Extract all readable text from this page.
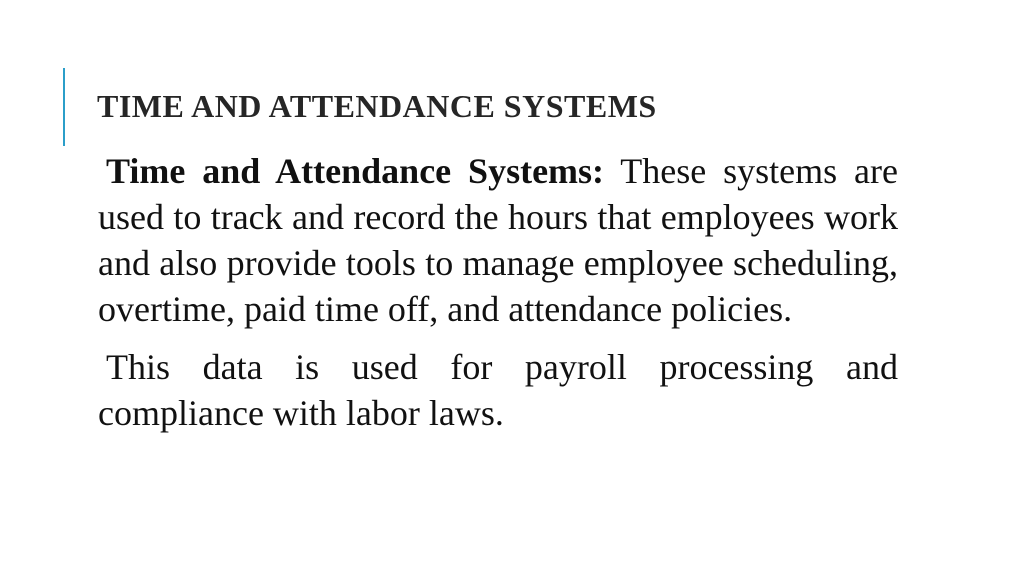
TIME AND ATTENDANCE SYSTEMS

Time and Attendance Systems: These systems are used to track and record the hours that employees work and also provide tools to manage employee scheduling, overtime, paid time off, and attendance policies.

This data is used for payroll processing and compliance with labor laws.
